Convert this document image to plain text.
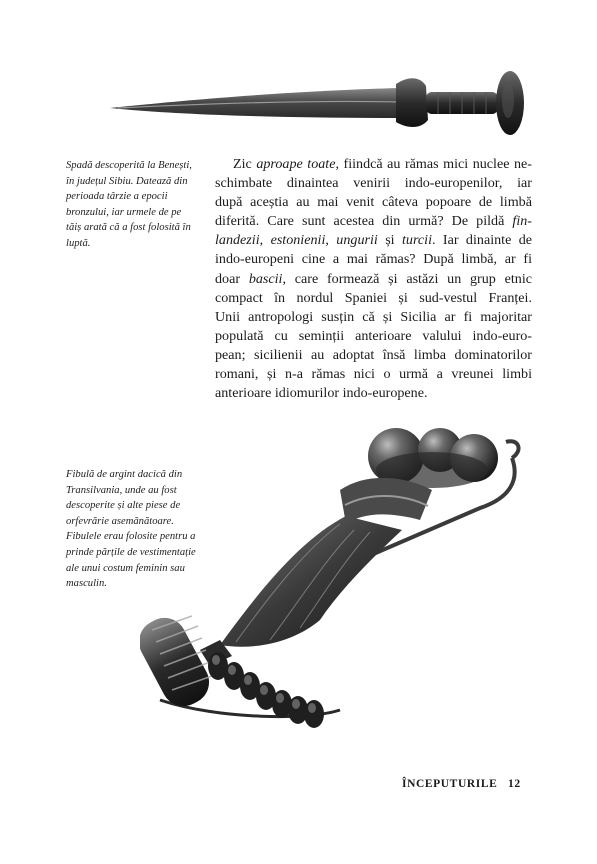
Spadă descoperită la Benești,
în județul Sibiu. Datează din
perioada târzie a epocii
bronzului, iar urmele de pe
tăiș arată că a fost folosită în
luptă.
Zic aproape toate, fiindcă au rămas mici nuclee ne-
schimbate dinaintea venirii indo-europenilor, iar
după aceștia au mai venit câteva popoare de limbă
diferită. Care sunt acestea din urmă? De pildă fin-
landezii, estonienii, ungurii și turcii. Iar dinainte de
indo-europeni cine a mai rămas? După limbă, ar fi
doar bascii, care formează și astăzi un grup etnic
compact în nordul Spaniei și sud-vestul Franței.
Unii antropologi susțin că și Sicilia ar fi majoritar
populată cu seminții anterioare valului indo-euro-
pean; sicilienii au adoptat însă limba dominatorilor
romani, și n-a rămas nici o urmă a vreunei limbi
anterioare idiomurilor indo-europene.
Fibulă de argint dacică din
Transilvania, unde au fost
descoperite și alte piese de
orfevrărie asemănătoare.
Fibulele erau folosite pentru a
prinde părțile de vestimentație
ale unui costum feminin sau
masculin.
ÎNCEPUTURILE 12
